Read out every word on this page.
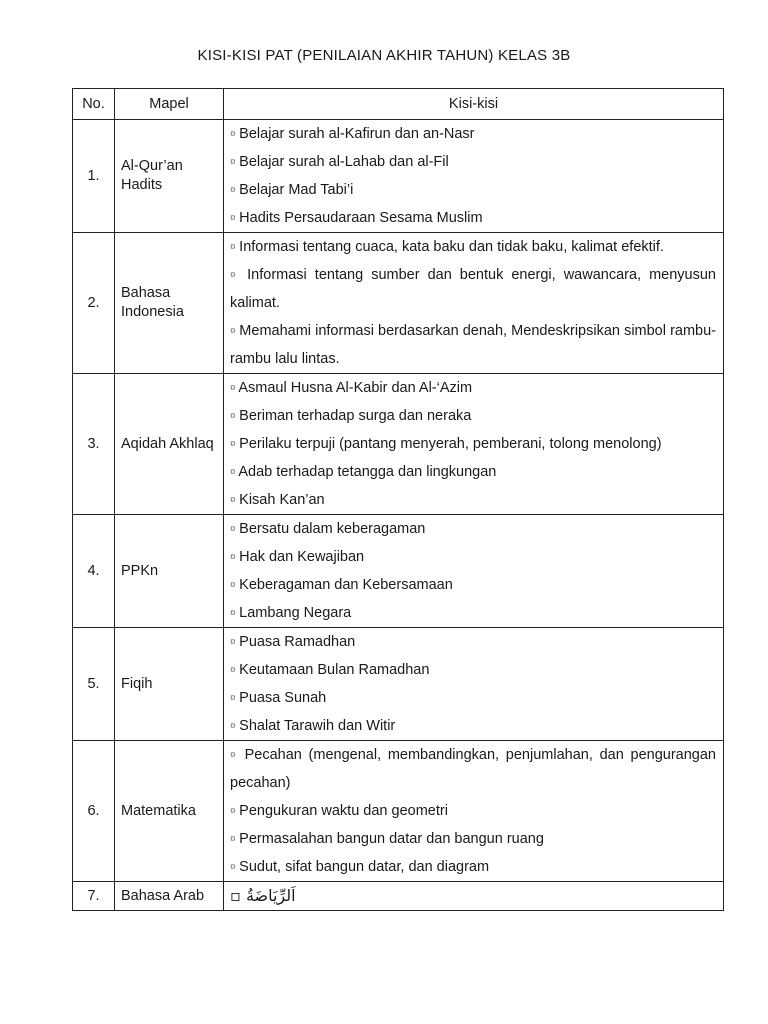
KISI-KISI PAT (PENILAIAN AKHIR TAHUN) KELAS 3B
No.	Mapel	Kisi-kisi
1.	Al-Qur’an Hadits	▫ Belajar surah al-Kafirun dan an-Nasr
▫ Belajar surah al-Lahab dan al-Fil
▫ Belajar Mad Tabi’i
▫ Hadits Persaudaraan Sesama Muslim

2.	Bahasa Indonesia	▫ Informasi tentang cuaca, kata baku dan tidak baku, kalimat efektif.
▫ Informasi tentang sumber dan bentuk energi, wawancara, menyusun kalimat.
▫ Memahami informasi berdasarkan denah, Mendeskripsikan simbol rambu-rambu lalu lintas.

3.	Aqidah Akhlaq	▫ Asmaul Husna Al-Kabir dan Al-‘Azim
▫ Beriman terhadap surga dan neraka
▫ Perilaku terpuji (pantang menyerah, pemberani, tolong menolong)
▫ Adab terhadap tetangga dan lingkungan
▫ Kisah Kan’an

4.	PPKn	▫ Bersatu dalam keberagaman
▫ Hak dan Kewajiban
▫ Keberagaman dan Kebersamaan
▫ Lambang Negara

5.	Fiqih	▫ Puasa Ramadhan
▫ Keutamaan Bulan Ramadhan
▫ Puasa Sunah
▫ Shalat Tarawih dan Witir

6.	Matematika	▫ Pecahan (mengenal, membandingkan, penjumlahan, dan pengurangan pecahan)
▫ Pengukuran waktu dan geometri
▫ Permasalahan bangun datar dan bangun ruang
▫ Sudut, sifat bangun datar, dan diagram

7.	Bahasa Arab	▫ اَلرِّيَاضَةُ
